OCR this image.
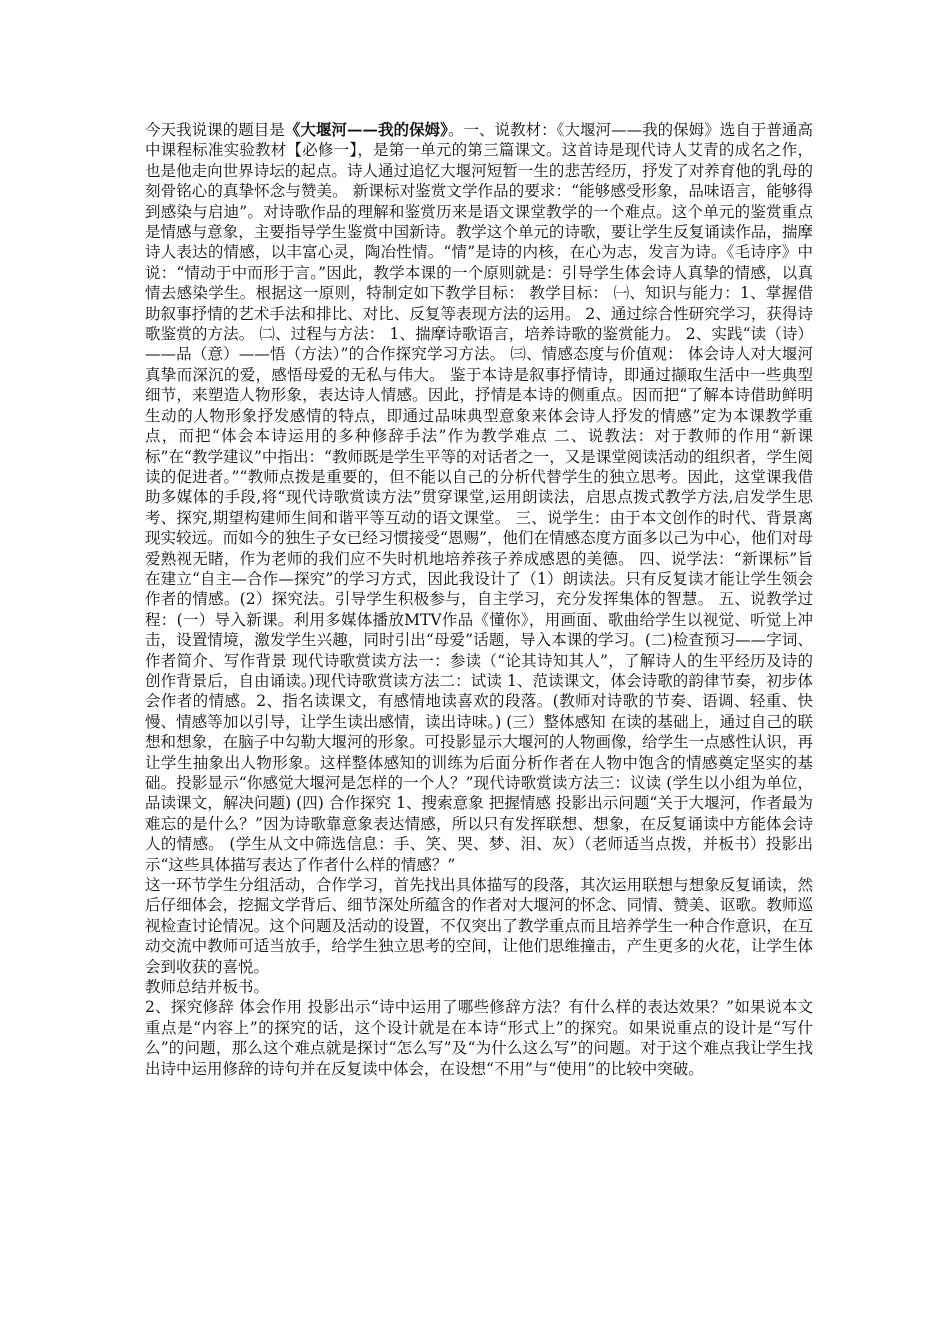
今天我说课的题目是《大堰河——我的保姆》。一、说教材：《大堰河——我的保姆》选自于普通高中课程标准实验教材【必修一】，是第一单元的第三篇课文。这首诗是现代诗人艾青的成名之作，也是他走向世界诗坛的起点。诗人通过追忆大堰河短暂一生的悲苦经历，抒发了对养育他的乳母的刻骨铭心的真挚怀念与赞美。 新课标对鉴赏文学作品的要求：“能够感受形象，品味语言，能够得到感染与启迪”。对诗歌作品的理解和鉴赏历来是语文课堂教学的一个难点。这个单元的鉴赏重点是情感与意象，主要指导学生鉴赏中国新诗。教学这个单元的诗歌，要让学生反复诵读作品，揣摩诗人表达的情感，以丰富心灵，陶冶性情。“情”是诗的内核，在心为志，发言为诗。《毛诗序》中说：“情动于中而形于言。”因此，教学本课的一个原则就是：引导学生体会诗人真挚的情感，以真情去感染学生。根据这一原则，特制定如下教学目标： 教学目标： ㈠、知识与能力：1、掌握借助叙事抒情的艺术手法和排比、对比、反复等表现方法的运用。 2、通过综合性研究学习，获得诗歌鉴赏的方法。 ㈡、过程与方法： 1、揣摩诗歌语言，培养诗歌的鉴赏能力。 2、实践“读（诗）——品（意）——悟（方法）”的合作探究学习方法。 ㈢、情感态度与价值观： 体会诗人对大堰河真挚而深沉的爱，感悟母爱的无私与伟大。 鉴于本诗是叙事抒情诗，即通过撷取生活中一些典型细节，来塑造人物形象，表达诗人情感。因此，抒情是本诗的侧重点。因而把“了解本诗借助鲜明生动的人物形象抒发感情的特点，即通过品味典型意象来体会诗人抒发的情感”定为本课教学重点，而把“体会本诗运用的多种修辞手法”作为教学难点 二、说教法：对于教师的作用“新课标”在“教学建议”中指出：“教师既是学生平等的对话者之一，又是课堂阅读活动的组织者，学生阅读的促进者。”“教师点拨是重要的，但不能以自己的分析代替学生的独立思考。因此，这堂课我借助多媒体的手段,将“现代诗歌赏读方法”贯穿课堂,运用朗读法，启思点拨式教学方法,启发学生思考、探究,期望构建师生间和谐平等互动的语文课堂。 三、说学生：由于本文创作的时代、背景离现实较远。而如今的独生子女已经习惯接受“恩赐”，他们在情感态度方面多以己为中心，他们对母爱熟视无睹，作为老师的我们应不失时机地培养孩子养成感恩的美德。 四、说学法：“新课标”旨在建立“自主—合作—探究”的学习方式，因此我设计了（1）朗读法。只有反复读才能让学生领会作者的情感。(2）探究法。引导学生积极参与，自主学习，充分发挥集体的智慧。 五、说教学过程：(一）导入新课。利用多媒体播放MTV作品《懂你》，用画面、歌曲给学生以视觉、听觉上冲击，设置情境，激发学生兴趣，同时引出“母爱”话题，导入本课的学习。(二)检查预习——字词、作者简介、写作背景 现代诗歌赏读方法一：参读（“论其诗知其人”，了解诗人的生平经历及诗的创作背景后，自由诵读。)现代诗歌赏读方法二：试读 1、范读课文，体会诗歌的韵律节奏，初步体会作者的情感。2、指名读课文，有感情地读喜欢的段落。(教师对诗歌的节奏、语调、轻重、快慢、情感等加以引导，让学生读出感情，读出诗味。) (三）整体感知 在读的基础上，通过自己的联想和想象，在脑子中勾勒大堰河的形象。可投影显示大堰河的人物画像，给学生一点感性认识，再让学生抽象出人物形象。这样整体感知的训练为后面分析作者在人物中饱含的情感奠定坚实的基础。投影显示“你感觉大堰河是怎样的一个人？”现代诗歌赏读方法三：议读 (学生以小组为单位，品读课文，解决问题) (四) 合作探究 1、搜索意象 把握情感 投影出示问题“关于大堰河，作者最为难忘的是什么？”因为诗歌靠意象表达情感，所以只有发挥联想、想象，在反复诵读中方能体会诗人的情感。 (学生从文中筛选信息：手、笑、哭、梦、泪、灰）（老师适当点拨，并板书）投影出示“这些具体描写表达了作者什么样的情感？”

这一环节学生分组活动，合作学习，首先找出具体描写的段落，其次运用联想与想象反复诵读，然后仔细体会，挖掘文学背后、细节深处所蕴含的作者对大堰河的怀念、同情、赞美、讴歌。教师巡视检查讨论情况。这个问题及活动的设置，不仅突出了教学重点而且培养学生一种合作意识，在互动交流中教师可适当放手，给学生独立思考的空间，让他们思维撞击，产生更多的火花，让学生体会到收获的喜悦。

教师总结并板书。

2、探究修辞 体会作用 投影出示“诗中运用了哪些修辞方法？有什么样的表达效果？”如果说本文重点是“内容上”的探究的话，这个设计就是在本诗“形式上”的探究。如果说重点的设计是“写什么”的问题，那么这个难点就是探讨“怎么写”及“为什么这么写”的问题。对于这个难点我让学生找出诗中运用修辞的诗句并在反复读中体会，在设想“不用”与“使用”的比较中突破。
